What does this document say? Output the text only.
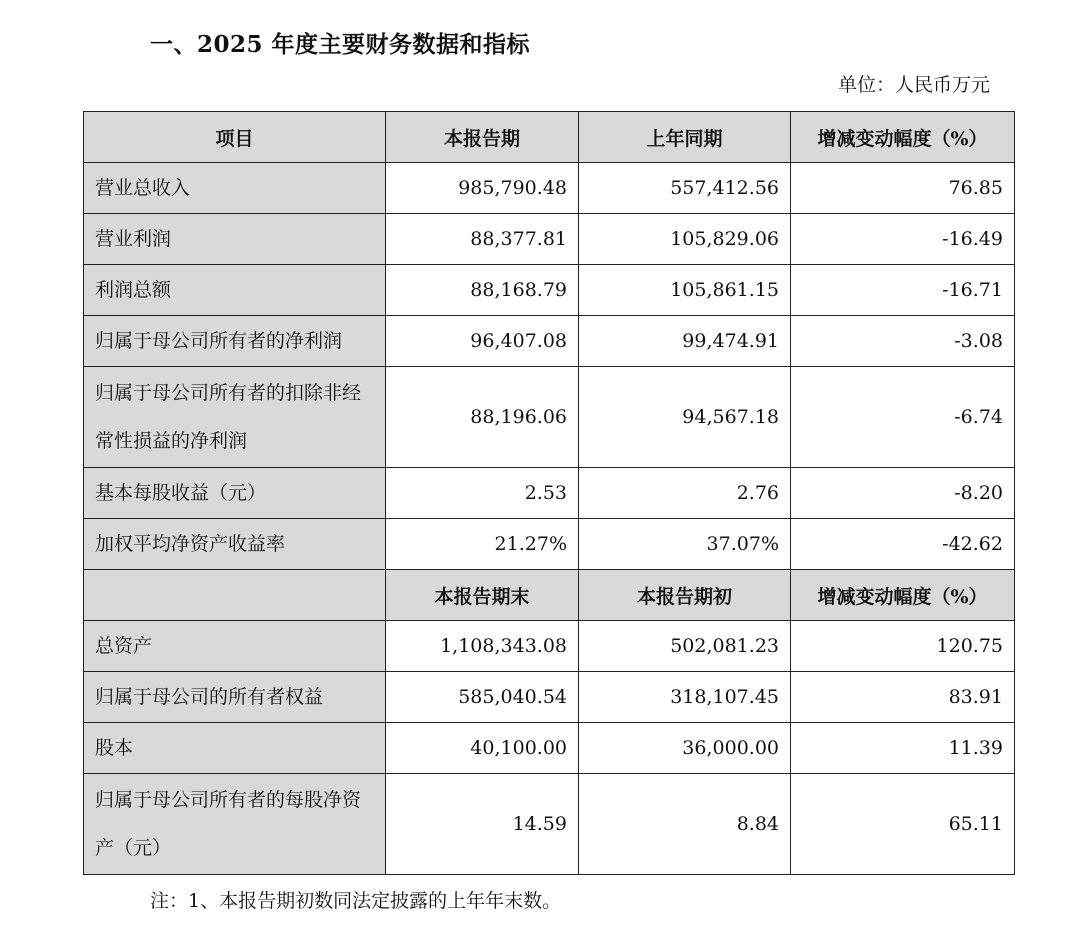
一、2025 年度主要财务数据和指标
单位：人民币万元
项目	本报告期	上年同期	增减变动幅度（%）
营业总收入	985,790.48	557,412.56	76.85
营业利润	88,377.81	105,829.06	-16.49
利润总额	88,168.79	105,861.15	-16.71
归属于母公司所有者的净利润	96,407.08	99,474.91	-3.08
归属于母公司所有者的扣除非经常性损益的净利润	88,196.06	94,567.18	-6.74
基本每股收益（元）	2.53	2.76	-8.20
加权平均净资产收益率	21.27%	37.07%	-42.62
	本报告期末	本报告期初	增减变动幅度（%）
总资产	1,108,343.08	502,081.23	120.75
归属于母公司的所有者权益	585,040.54	318,107.45	83.91
股本	40,100.00	36,000.00	11.39
归属于母公司所有者的每股净资产（元）	14.59	8.84	65.11
注：1、本报告期初数同法定披露的上年年末数。
